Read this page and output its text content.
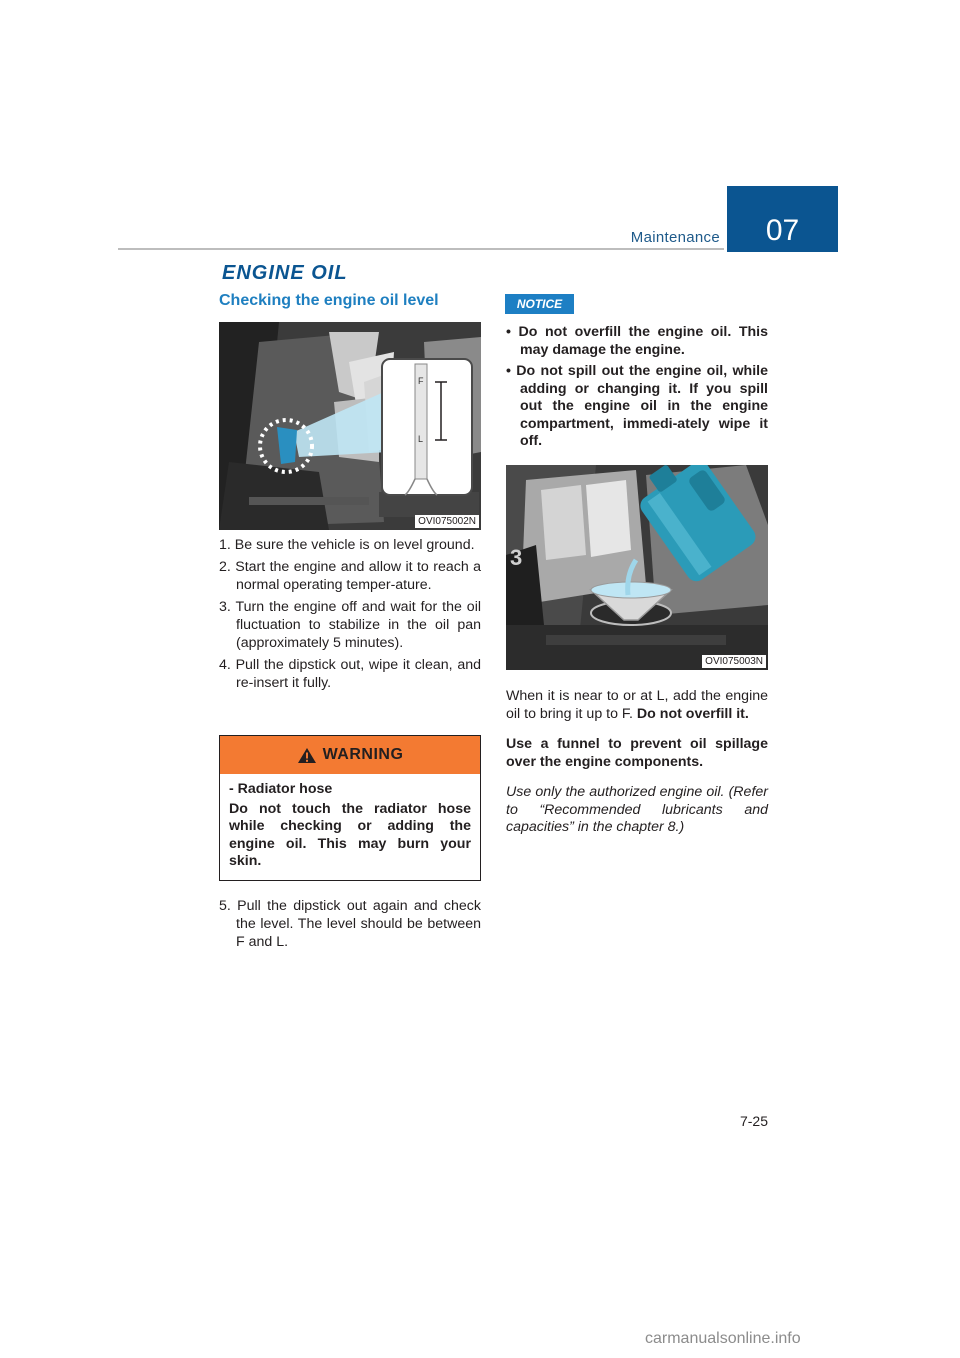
Maintenance	07
ENGINE OIL
Checking the engine oil level
F
L
OVI075002N
1. Be sure the vehicle is on level ground.
2. Start the engine and allow it to reach a normal operating temper-ature.
3. Turn the engine off and wait for the oil fluctuation to stabilize in the oil pan (approximately 5 minutes).
4. Pull the dipstick out, wipe it clean, and re-insert it fully.
WARNING

- Radiator hose

Do not touch the radiator hose while checking or adding the engine oil. This may burn your skin.

5. Pull the dipstick out again and check the level. The level should be between F and L.

NOTICE
• Do not overfill the engine oil. This may damage the engine.
• Do not spill out the engine oil, while adding or changing it. If you spill out the engine oil in the engine compartment, immedi-ately wipe it off.
3
OVI075003N

When it is near to or at L, add the engine oil to bring it up to F. Do not overfill it.

Use a funnel to prevent oil spillage over the engine components.

Use only the authorized engine oil. (Refer to “Recommended lubricants and capacities” in the chapter 8.)

7-25
carmanualsonline.info
